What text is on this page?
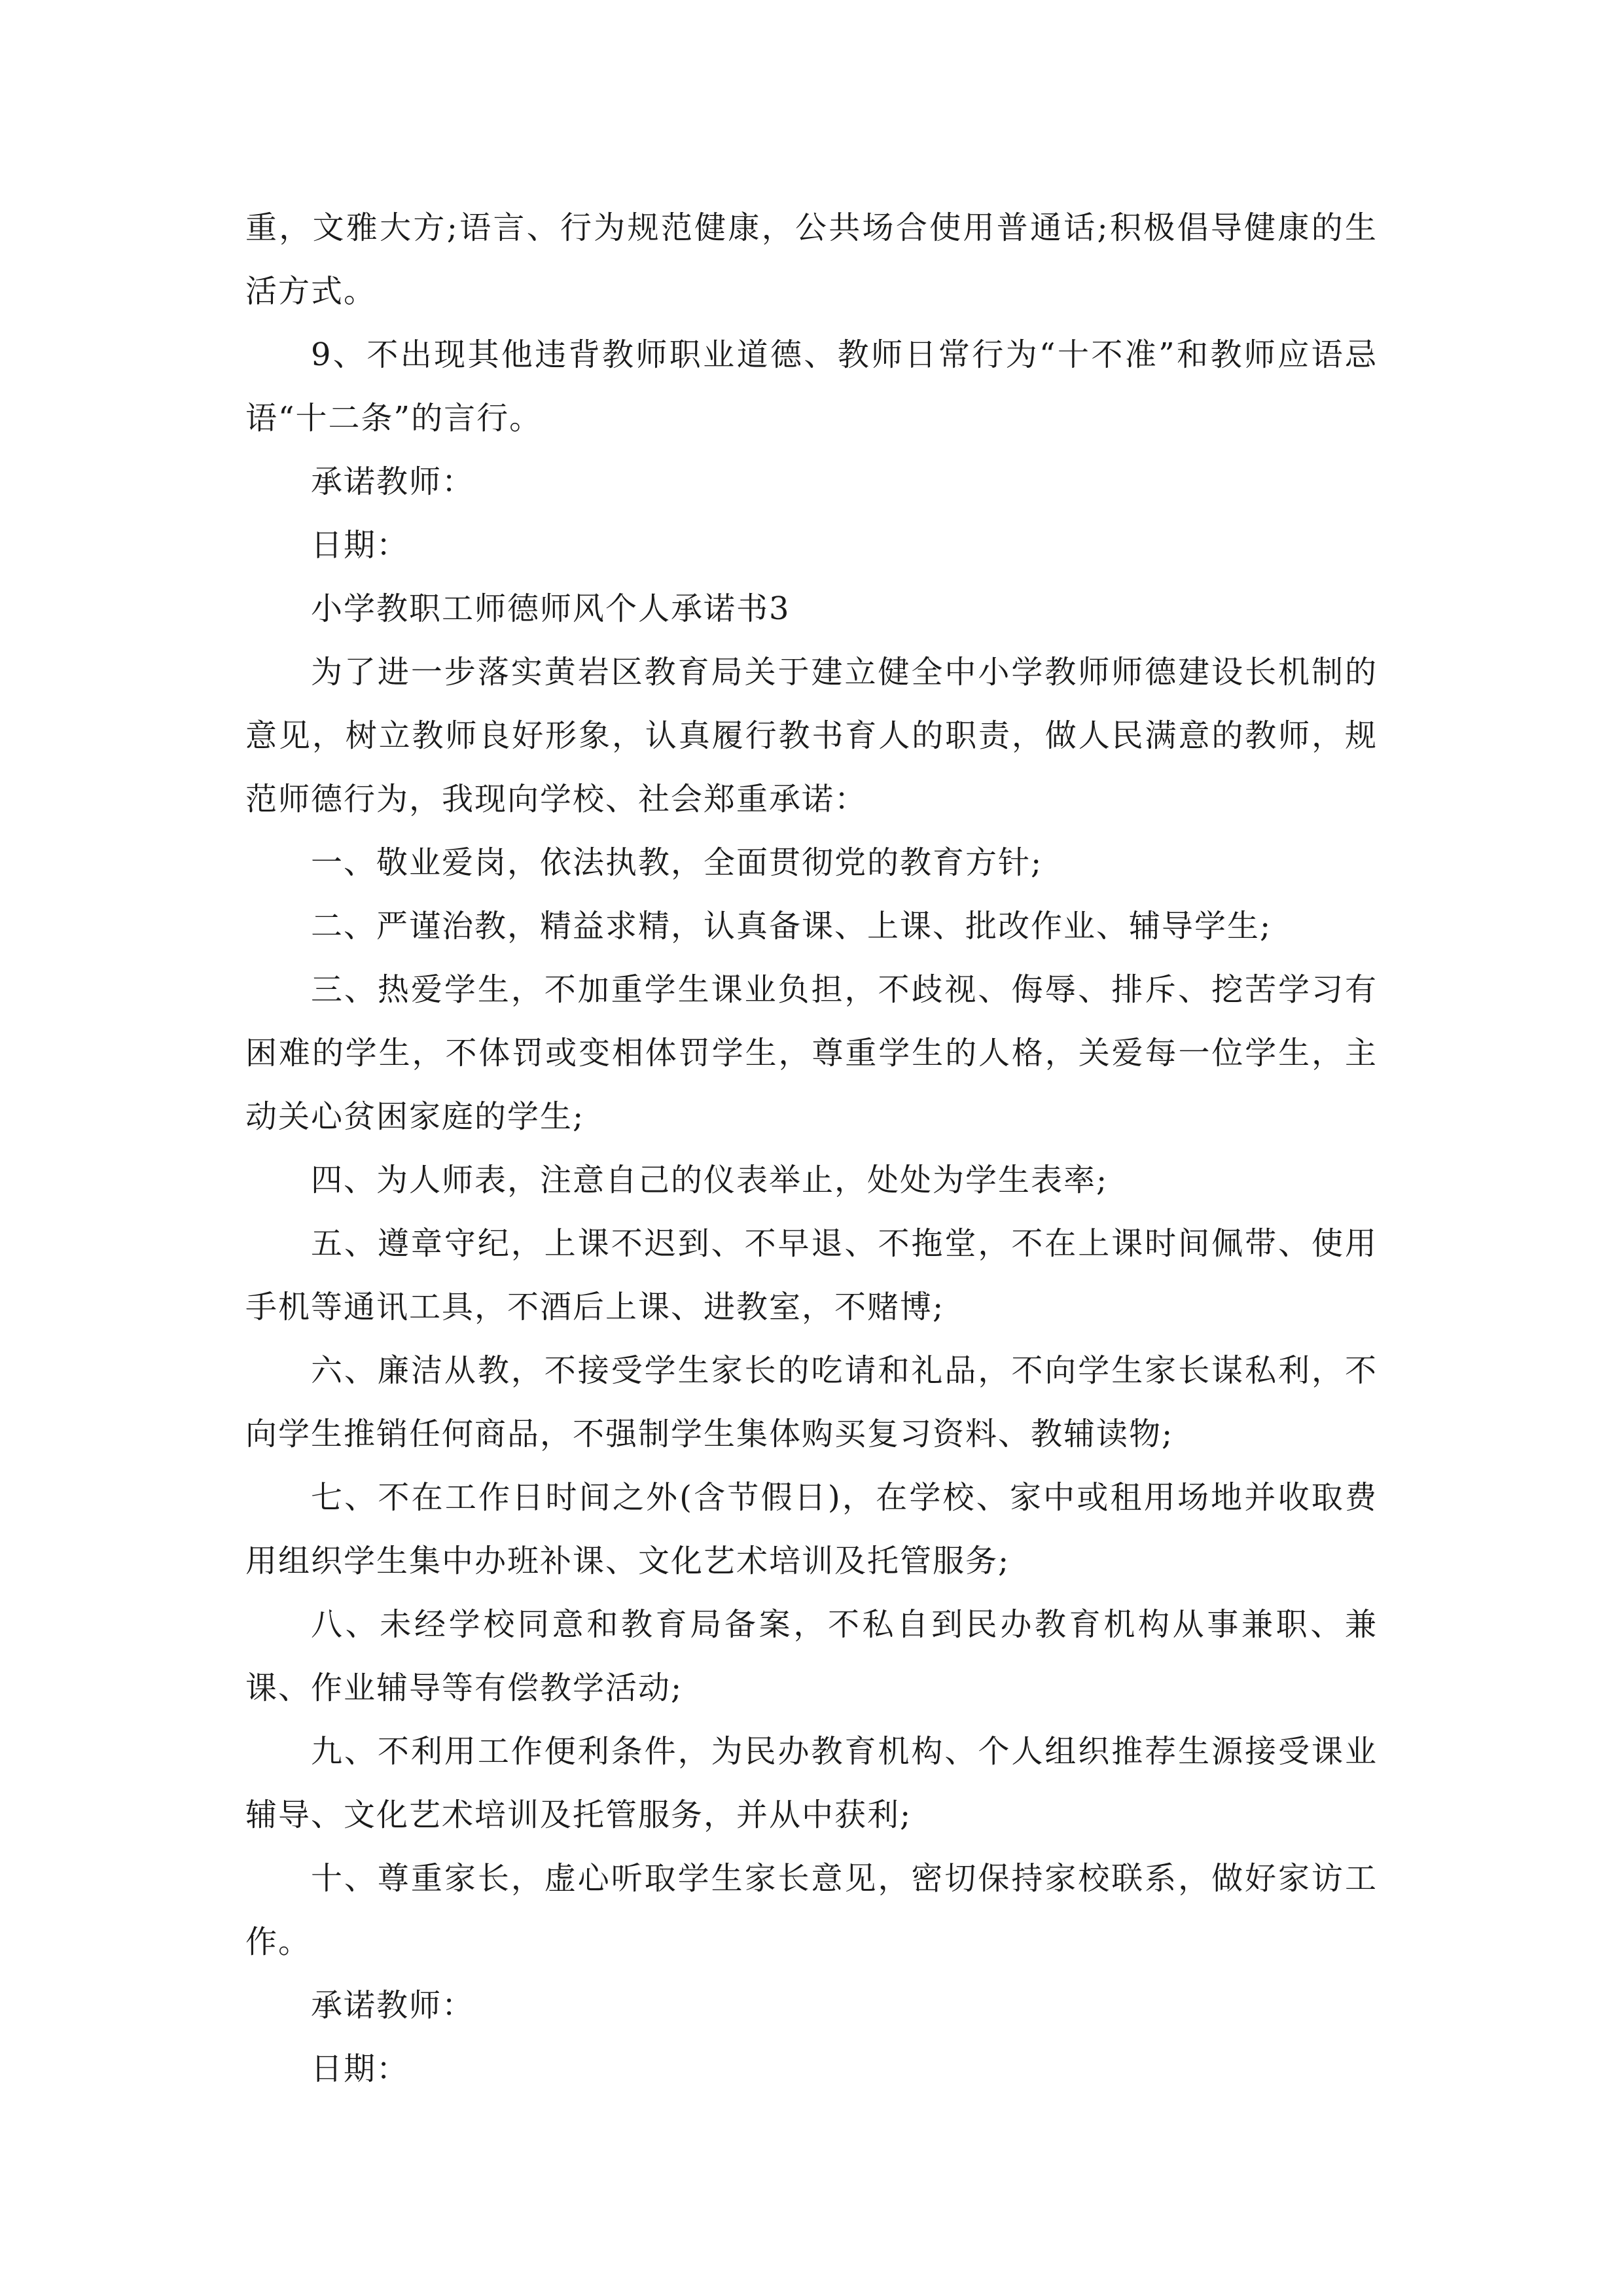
重，文雅大方;语言、行为规范健康，公共场合使用普通话;积极倡导健康的生活方式。

9、不出现其他违背教师职业道德、教师日常行为“十不准”和教师应语忌语“十二条”的言行。

承诺教师：

日期：

小学教职工师德师风个人承诺书3

为了进一步落实黄岩区教育局关于建立健全中小学教师师德建设长机制的意见，树立教师良好形象，认真履行教书育人的职责，做人民满意的教师，规范师德行为，我现向学校、社会郑重承诺：

一、敬业爱岗，依法执教，全面贯彻党的教育方针;

二、严谨治教，精益求精，认真备课、上课、批改作业、辅导学生;

三、热爱学生，不加重学生课业负担，不歧视、侮辱、排斥、挖苦学习有困难的学生，不体罚或变相体罚学生，尊重学生的人格，关爱每一位学生，主动关心贫困家庭的学生;

四、为人师表，注意自己的仪表举止，处处为学生表率;

五、遵章守纪，上课不迟到、不早退、不拖堂，不在上课时间佩带、使用手机等通讯工具，不酒后上课、进教室，不赌博;

六、廉洁从教，不接受学生家长的吃请和礼品，不向学生家长谋私利，不向学生推销任何商品，不强制学生集体购买复习资料、教辅读物;

七、不在工作日时间之外(含节假日)，在学校、家中或租用场地并收取费用组织学生集中办班补课、文化艺术培训及托管服务;

八、未经学校同意和教育局备案，不私自到民办教育机构从事兼职、兼课、作业辅导等有偿教学活动;

九、不利用工作便利条件，为民办教育机构、个人组织推荐生源接受课业辅导、文化艺术培训及托管服务，并从中获利;

十、尊重家长，虚心听取学生家长意见，密切保持家校联系，做好家访工作。

承诺教师：

日期：
